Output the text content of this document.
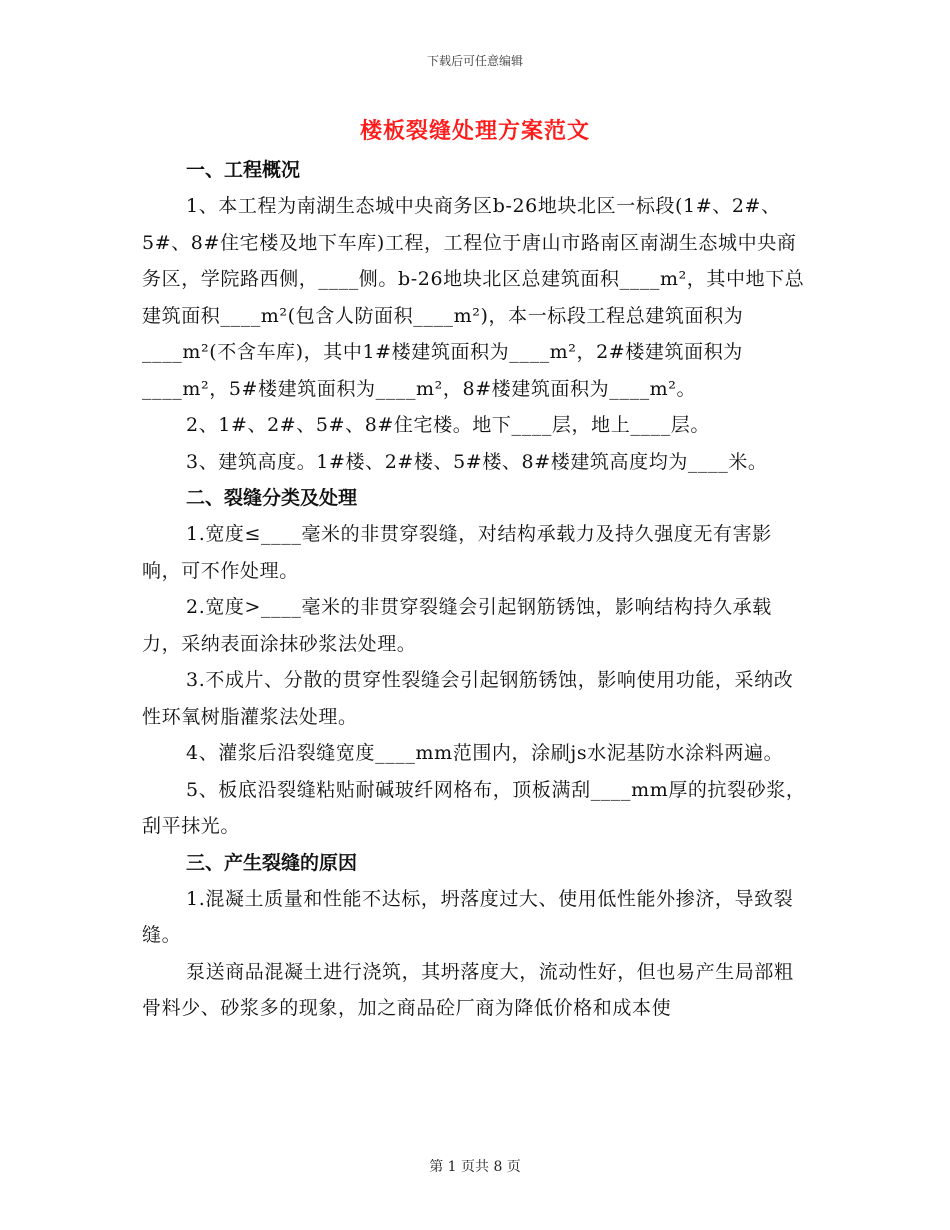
下载后可任意编辑
楼板裂缝处理方案范文

一、工程概况

1、本工程为南湖生态城中央商务区b-26地块北区一标段(1#、2#、5#、8#住宅楼及地下车库)工程，工程位于唐山市路南区南湖生态城中央商务区，学院路西侧，____侧。b-26地块北区总建筑面积____m²，其中地下总建筑面积____m²(包含人防面积____m²)，本一标段工程总建筑面积为____m²(不含车库)，其中1#楼建筑面积为____m²，2#楼建筑面积为____m²，5#楼建筑面积为____m²，8#楼建筑面积为____m²。

2、1#、2#、5#、8#住宅楼。地下____层，地上____层。

3、建筑高度。1#楼、2#楼、5#楼、8#楼建筑高度均为____米。

二、裂缝分类及处理

1.宽度≤____毫米的非贯穿裂缝，对结构承载力及持久强度无有害影响，可不作处理。

2.宽度>____毫米的非贯穿裂缝会引起钢筋锈蚀，影响结构持久承载力，采纳表面涂抹砂浆法处理。

3.不成片、分散的贯穿性裂缝会引起钢筋锈蚀，影响使用功能，采纳改性环氧树脂灌浆法处理。

4、灌浆后沿裂缝宽度____mm范围内，涂刷js水泥基防水涂料两遍。

5、板底沿裂缝粘贴耐碱玻纤网格布，顶板满刮____mm厚的抗裂砂浆，刮平抹光。

三、产生裂缝的原因

1.混凝土质量和性能不达标，坍落度过大、使用低性能外掺济，导致裂缝。

泵送商品混凝土进行浇筑，其坍落度大，流动性好，但也易产生局部粗骨料少、砂浆多的现象，加之商品砼厂商为降低价格和成本使

第 1 页共 8 页
